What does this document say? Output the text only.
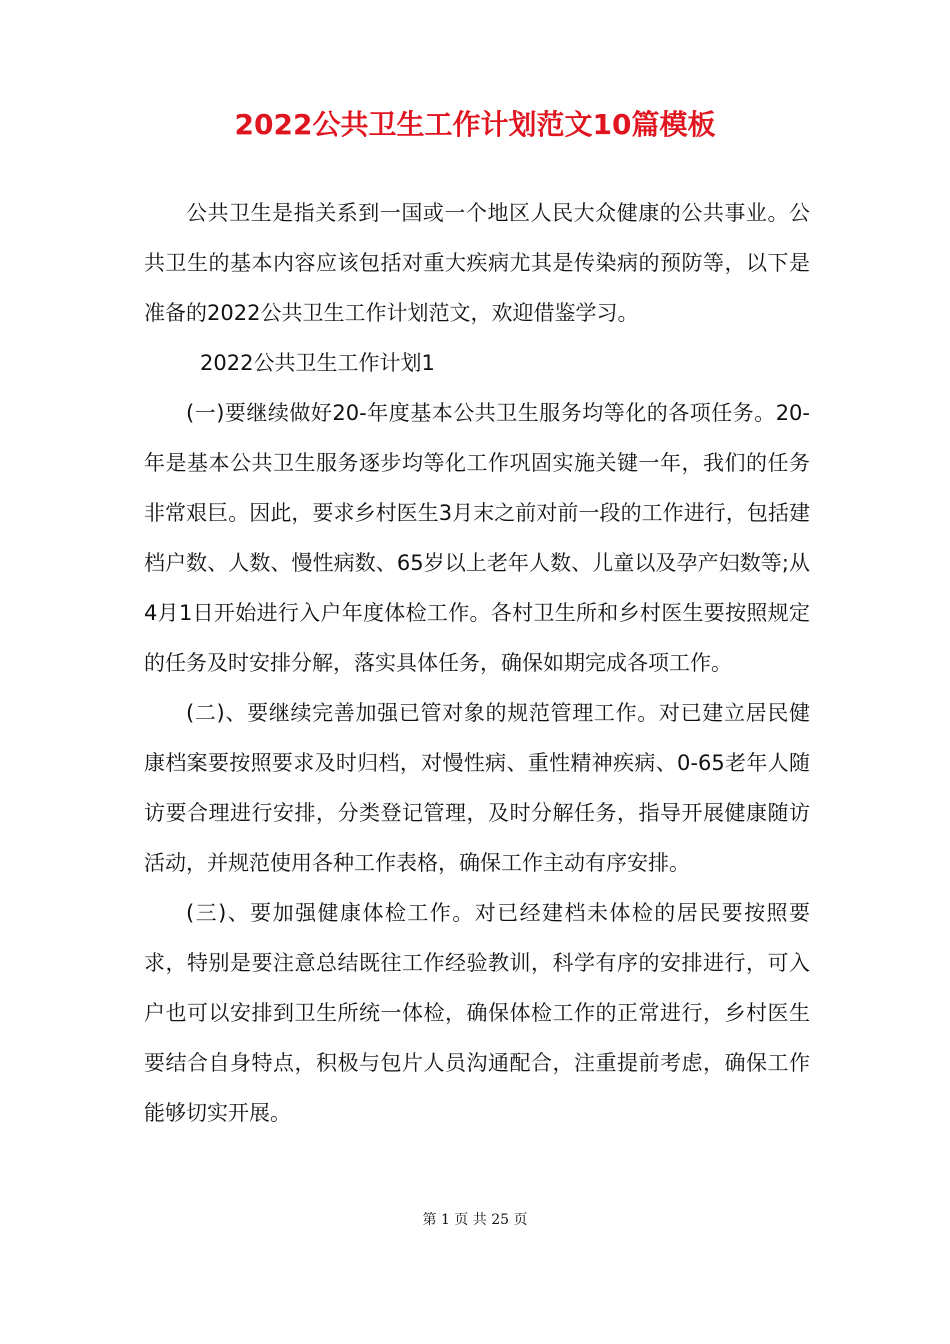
2022公共卫生工作计划范文10篇模板

公共卫生是指关系到一国或一个地区人民大众健康的公共事业。公共卫生的基本内容应该包括对重大疾病尤其是传染病的预防等，以下是准备的2022公共卫生工作计划范文，欢迎借鉴学习。

2022公共卫生工作计划1

(一)要继续做好20-年度基本公共卫生服务均等化的各项任务。20-年是基本公共卫生服务逐步均等化工作巩固实施关键一年，我们的任务非常艰巨。因此，要求乡村医生3月末之前对前一段的工作进行，包括建档户数、人数、慢性病数、65岁以上老年人数、儿童以及孕产妇数等;从4月1日开始进行入户年度体检工作。各村卫生所和乡村医生要按照规定的任务及时安排分解，落实具体任务，确保如期完成各项工作。

(二)、要继续完善加强已管对象的规范管理工作。对已建立居民健康档案要按照要求及时归档，对慢性病、重性精神疾病、0-65老年人随访要合理进行安排，分类登记管理，及时分解任务，指导开展健康随访活动，并规范使用各种工作表格，确保工作主动有序安排。

(三)、要加强健康体检工作。对已经建档未体检的居民要按照要求，特别是要注意总结既往工作经验教训，科学有序的安排进行，可入户也可以安排到卫生所统一体检，确保体检工作的正常进行，乡村医生要结合自身特点，积极与包片人员沟通配合，注重提前考虑，确保工作能够切实开展。

第 1 页 共 25 页
